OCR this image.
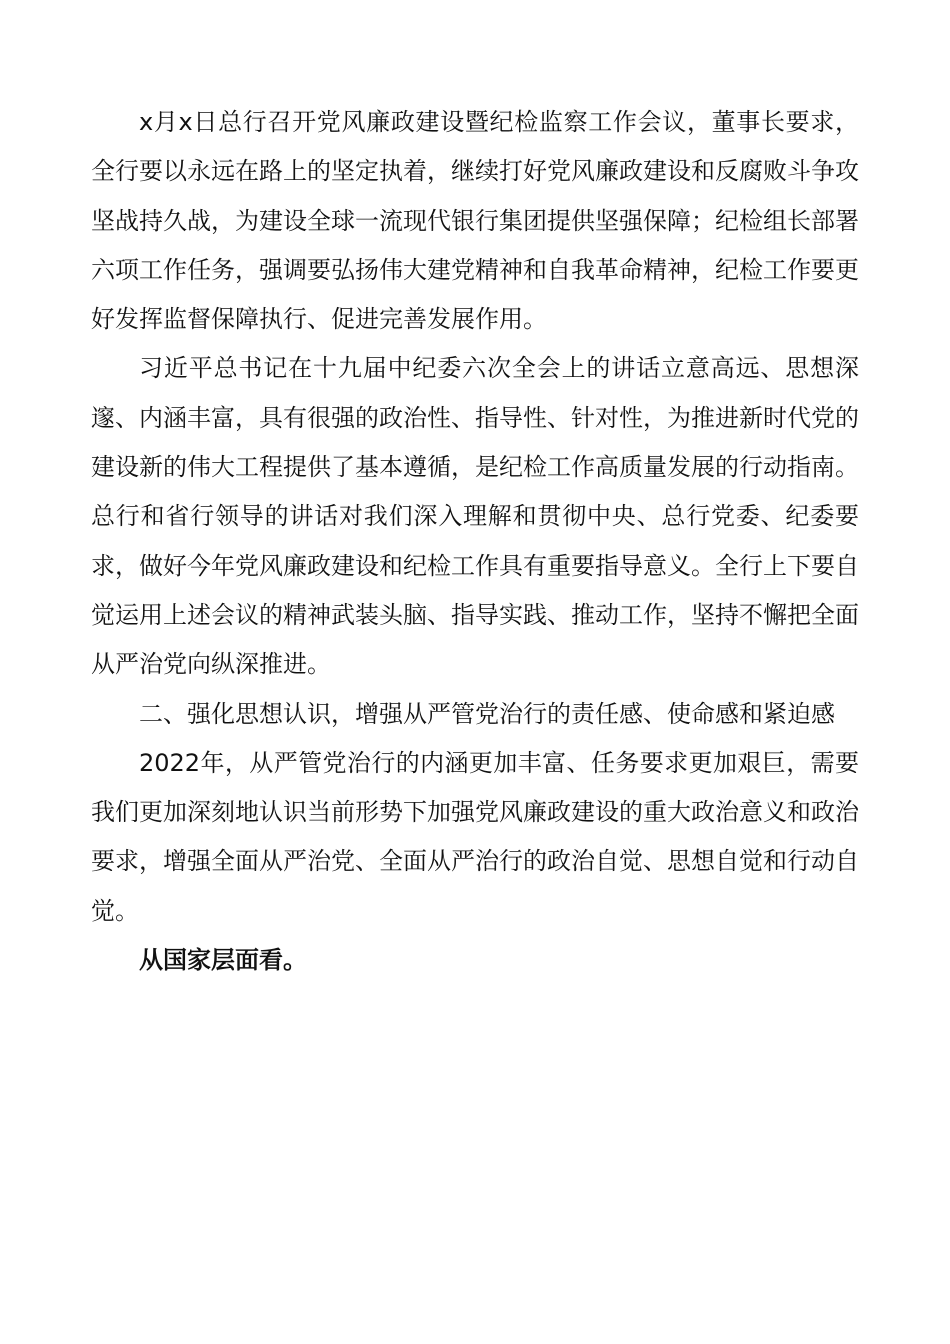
x月x日总行召开党风廉政建设暨纪检监察工作会议，董事长要求，全行要以永远在路上的坚定执着，继续打好党风廉政建设和反腐败斗争攻坚战持久战，为建设全球一流现代银行集团提供坚强保障；纪检组长部署六项工作任务，强调要弘扬伟大建党精神和自我革命精神，纪检工作要更好发挥监督保障执行、促进完善发展作用。

习近平总书记在十九届中纪委六次全会上的讲话立意高远、思想深邃、内涵丰富，具有很强的政治性、指导性、针对性，为推进新时代党的建设新的伟大工程提供了基本遵循，是纪检工作高质量发展的行动指南。总行和省行领导的讲话对我们深入理解和贯彻中央、总行党委、纪委要求，做好今年党风廉政建设和纪检工作具有重要指导意义。全行上下要自觉运用上述会议的精神武装头脑、指导实践、推动工作，坚持不懈把全面从严治党向纵深推进。

二、强化思想认识，增强从严管党治行的责任感、使命感和紧迫感

2022年，从严管党治行的内涵更加丰富、任务要求更加艰巨，需要我们更加深刻地认识当前形势下加强党风廉政建设的重大政治意义和政治要求，增强全面从严治党、全面从严治行的政治自觉、思想自觉和行动自觉。

从国家层面看。
